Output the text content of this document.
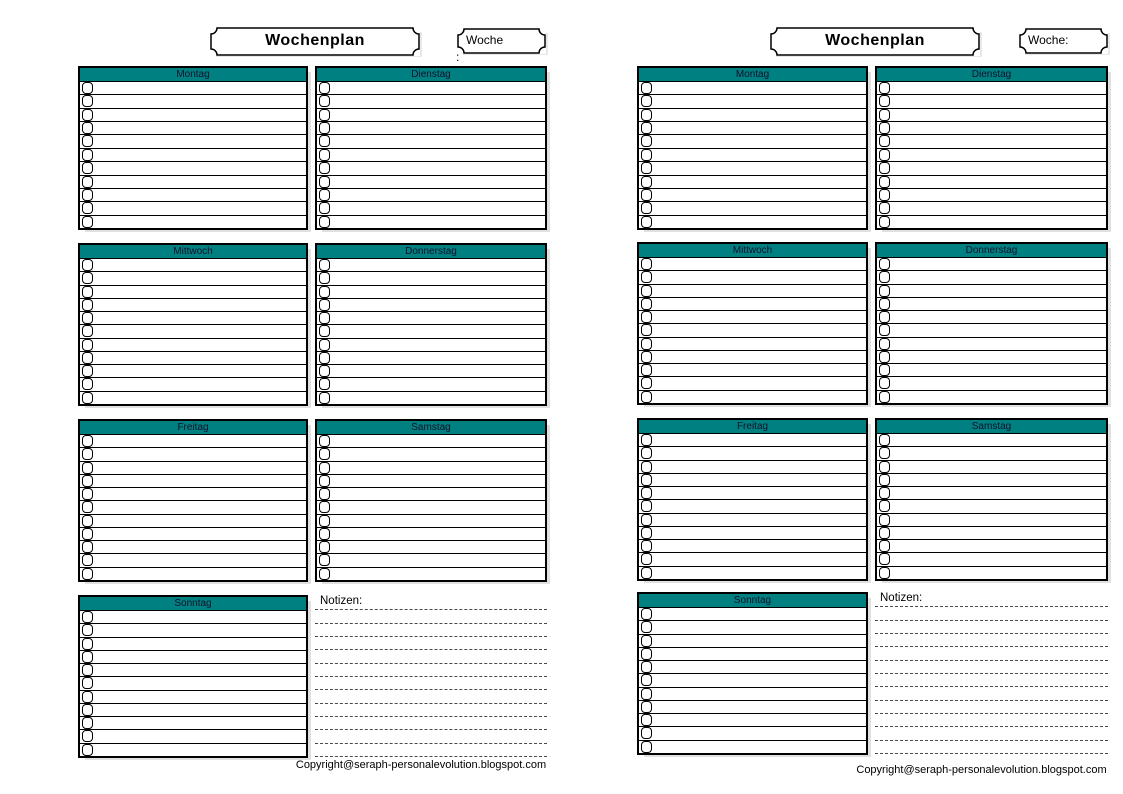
Wochenplan	Woche
:
Montag	Dienstag
Mittwoch	Donnerstag
Freitag	Samstag
Sonntag	Notizen:
Copyright@seraph-personalevolution.blogspot.com
Wochenplan	Woche:
Montag	Dienstag
Mittwoch	Donnerstag
Freitag	Samstag
Sonntag	Notizen:
Copyright@seraph-personalevolution.blogspot.com
